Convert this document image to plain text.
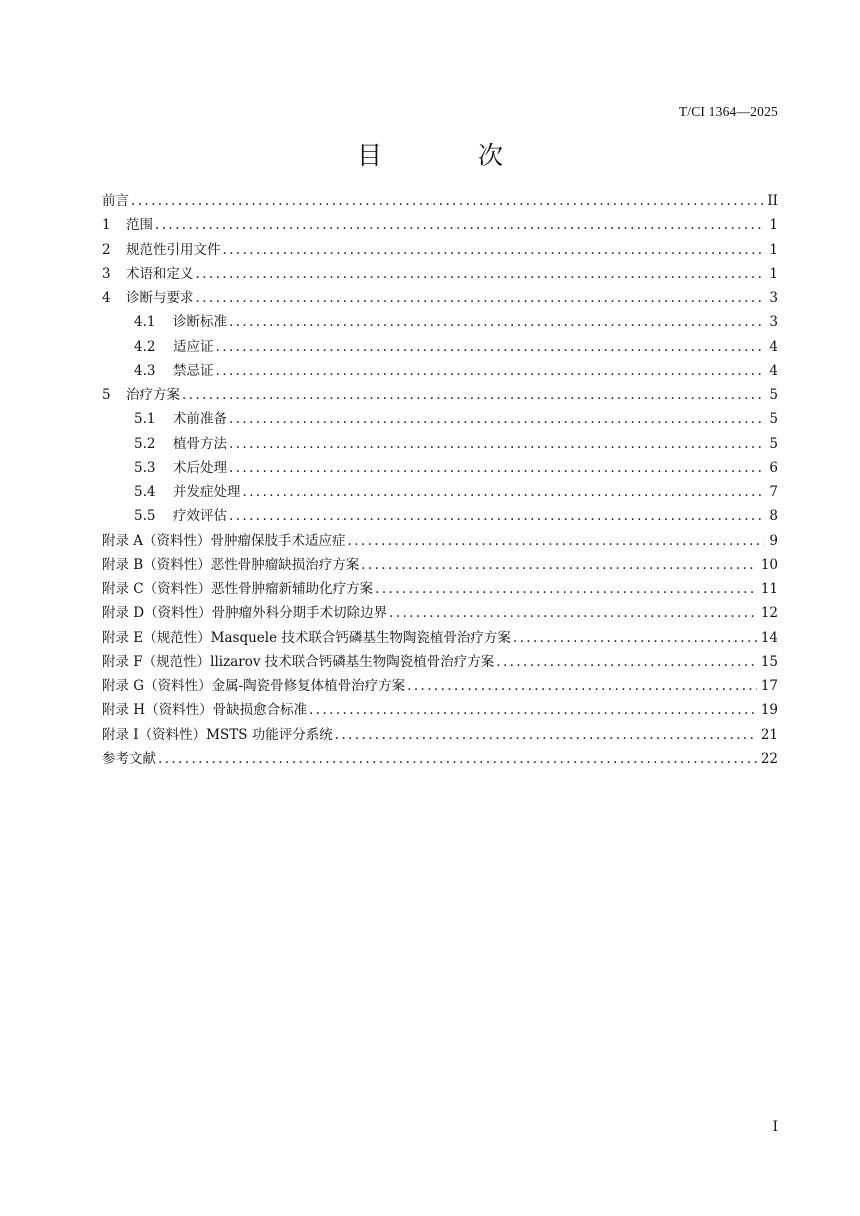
T/CI 1364—2025
目 次
前言 .....	II
1	范围 .....	1
2	规范性引用文件 .....	1
3	术语和定义 .....	1
4	诊断与要求 .....	3
4.1	诊断标准 .....	3
4.2	适应证 .....	4
4.3	禁忌证 .....	4
5	治疗方案 .....	5
5.1	术前准备 .....	5
5.2	植骨方法 .....	5
5.3	术后处理 .....	6
5.4	并发症处理 .....	7
5.5	疗效评估 .....	8
附录 A（资料性）骨肿瘤保肢手术适应症 .....	9
附录 B（资料性）恶性骨肿瘤缺损治疗方案 .....	10
附录 C（资料性）恶性骨肿瘤新辅助化疗方案 .....	11
附录 D（资料性）骨肿瘤外科分期手术切除边界 .....	12
附录 E（规范性）Masquele 技术联合钙磷基生物陶瓷植骨治疗方案 .....	14
附录 F（规范性）llizarov 技术联合钙磷基生物陶瓷植骨治疗方案 .....	15
附录 G（资料性）金属-陶瓷骨修复体植骨治疗方案 .....	17
附录 H（资料性）骨缺损愈合标准 .....	19
附录 I（资料性）MSTS 功能评分系统 .....	21
参考文献 .....	22
I
